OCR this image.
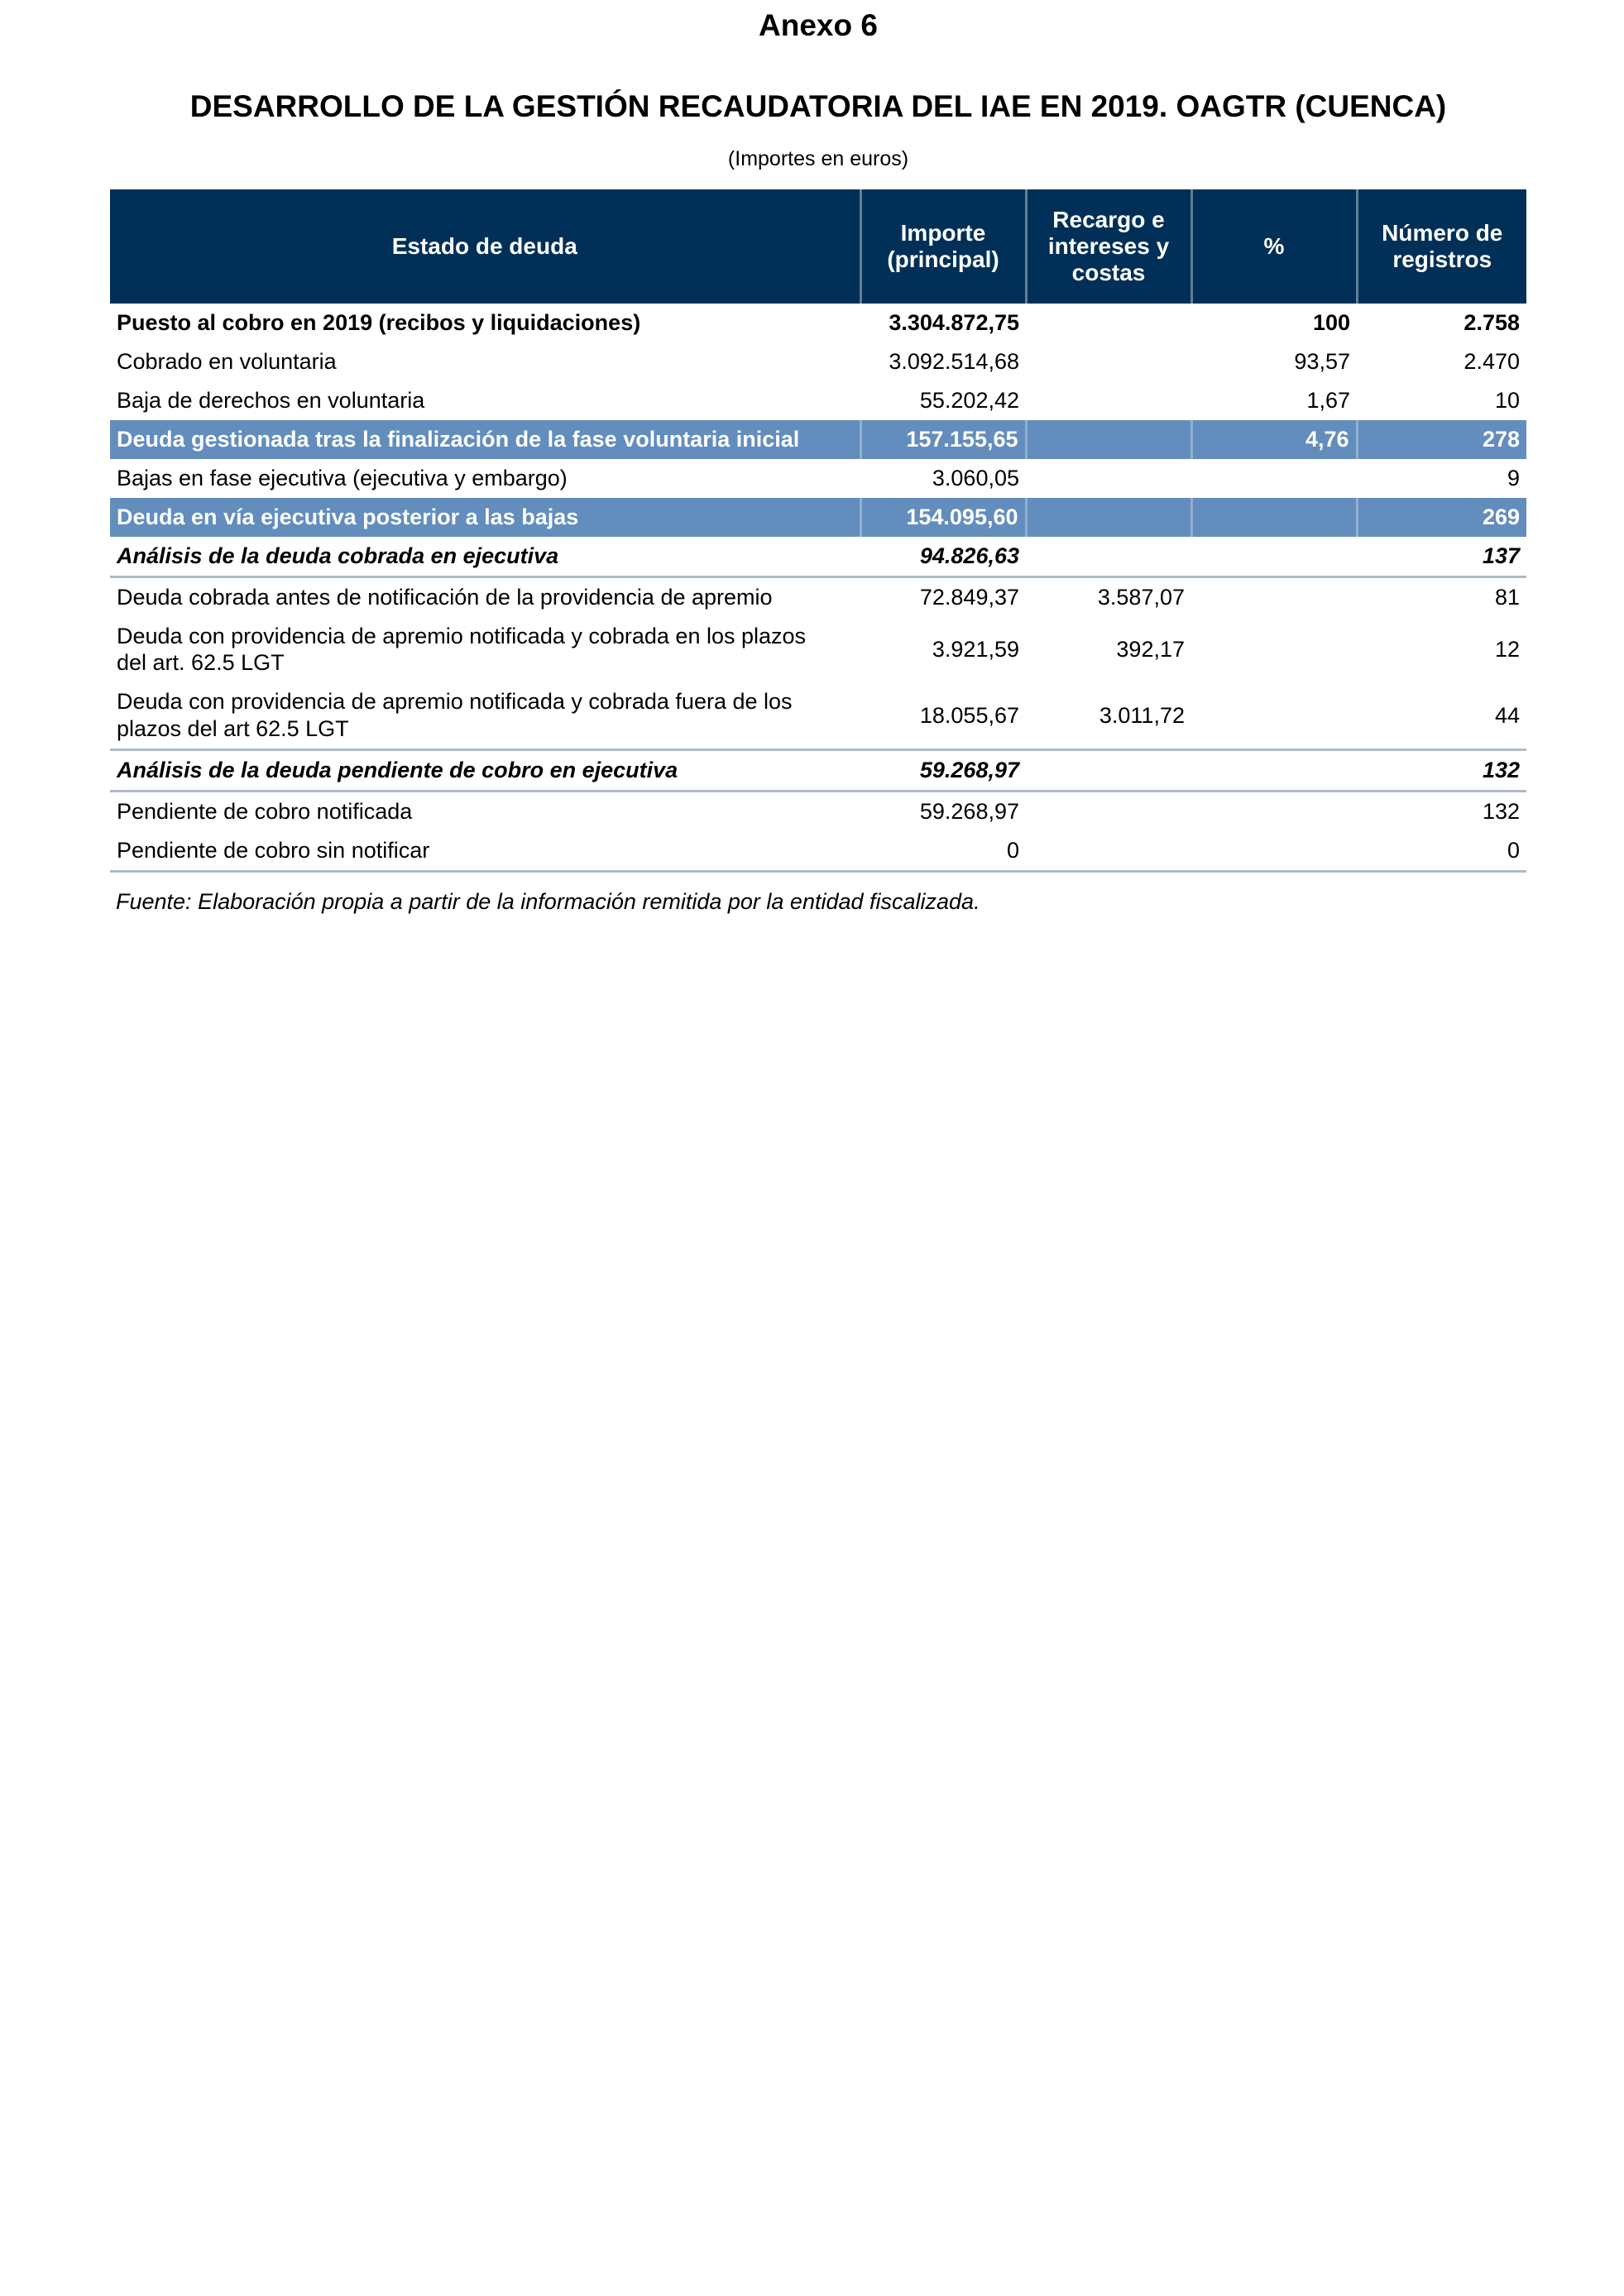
Anexo 6
DESARROLLO DE LA GESTIÓN RECAUDATORIA DEL IAE EN 2019. OAGTR (CUENCA)
(Importes en euros)
Estado de deuda	Importe (principal)	Recargo e intereses y costas	%	Número de registros
Puesto al cobro en 2019 (recibos y liquidaciones)	3.304.872,75		100	2.758
Cobrado en voluntaria	3.092.514,68		93,57	2.470
Baja de derechos en voluntaria	55.202,42		1,67	10
Deuda gestionada tras la finalización de la fase voluntaria inicial	157.155,65		4,76	278
Bajas en fase ejecutiva (ejecutiva y embargo)	3.060,05			9
Deuda en vía ejecutiva posterior a las bajas	154.095,60			269
Análisis de la deuda cobrada en ejecutiva	94.826,63			137
Deuda cobrada antes de notificación de la providencia de apremio	72.849,37	3.587,07		81
Deuda con providencia de apremio notificada y cobrada en los plazos del art. 62.5 LGT	3.921,59	392,17		12
Deuda con providencia de apremio notificada y cobrada fuera de los plazos del art 62.5 LGT	18.055,67	3.011,72		44
Análisis de la deuda pendiente de cobro en ejecutiva	59.268,97			132
Pendiente de cobro notificada	59.268,97			132
Pendiente de cobro sin notificar	0			0
Fuente: Elaboración propia a partir de la información remitida por la entidad fiscalizada.
